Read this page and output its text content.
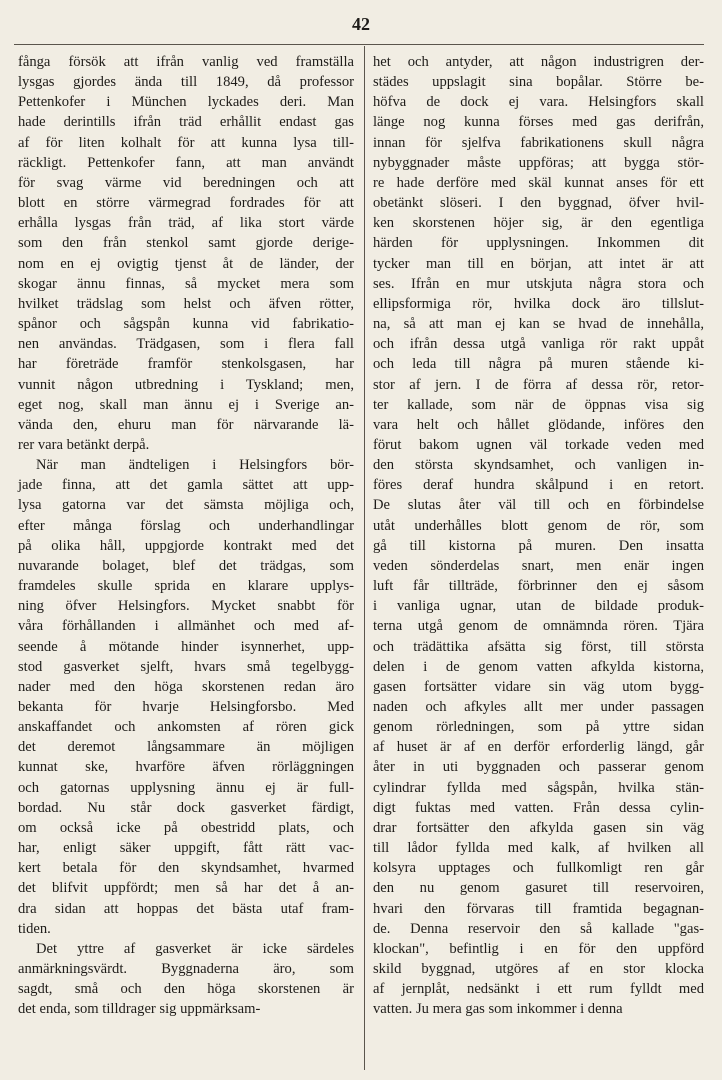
42
fånga försök att ifrån vanlig ved framställa
lysgas gjordes ända till 1849, då professor
Pettenkofer i München lyckades deri. Man
hade derintills ifrån träd erhållit endast gas
af för liten kolhalt för att kunna lysa till-
räckligt. Pettenkofer fann, att man användt
för svag värme vid beredningen och att
blott en större värmegrad fordrades för att
erhålla lysgas från träd, af lika stort värde
som den från stenkol samt gjorde derige-
nom en ej ovigtig tjenst åt de länder, der
skogar ännu finnas, så mycket mera som
hvilket trädslag som helst och äfven rötter,
spånor och sågspån kunna vid fabrikatio-
nen användas. Trädgasen, som i flera fall
har företräde framför stenkolsgasen, har
vunnit någon utbredning i Tyskland; men,
eget nog, skall man ännu ej i Sverige an-
vända den, ehuru man för närvarande lä-
rer vara betänkt derpå.
När man ändteligen i Helsingfors bör-
jade finna, att det gamla sättet att upp-
lysa gatorna var det sämsta möjliga och,
efter många förslag och underhandlingar
på olika håll, uppgjorde kontrakt med det
nuvarande bolaget, blef det trädgas, som
framdeles skulle sprida en klarare upplys-
ning öfver Helsingfors. Mycket snabbt för
våra förhållanden i allmänhet och med af-
seende å mötande hinder isynnerhet, upp-
stod gasverket sjelft, hvars små tegelbygg-
nader med den höga skorstenen redan äro
bekanta för hvarje Helsingforsbo. Med
anskaffandet och ankomsten af rören gick
det deremot långsammare än möjligen
kunnat ske, hvarföre äfven rörläggningen
och gatornas upplysning ännu ej är full-
bordad. Nu står dock gasverket färdigt,
om också icke på obestridd plats, och
har, enligt säker uppgift, fått rätt vac-
kert betala för den skyndsamhet, hvarmed
det blifvit uppfördt; men så har det å an-
dra sidan att hoppas det bästa utaf fram-
tiden.
Det yttre af gasverket är icke särdeles
anmärkningsvärdt. Byggnaderna äro, som
sagdt, små och den höga skorstenen är
det enda, som tilldrager sig uppmärksam-
het och antyder, att någon industrigren der-
städes uppslagit sina bopålar. Större be-
höfva de dock ej vara. Helsingfors skall
länge nog kunna förses med gas derifrån,
innan för sjelfva fabrikationens skull några
nybyggnader måste uppföras; att bygga stör-
re hade derföre med skäl kunnat anses för ett
obetänkt slöseri. I den byggnad, öfver hvil-
ken skorstenen höjer sig, är den egentliga
härden för upplysningen. Inkommen dit
tycker man till en början, att intet är att
ses. Ifrån en mur utskjuta några stora och
ellipsformiga rör, hvilka dock äro tillslut-
na, så att man ej kan se hvad de innehålla,
och ifrån dessa utgå vanliga rör rakt uppåt
och leda till några på muren stående ki-
stor af jern. I de förra af dessa rör, retor-
ter kallade, som när de öppnas visa sig
vara helt och hållet glödande, införes den
förut bakom ugnen väl torkade veden med
den största skyndsamhet, och vanligen in-
föres deraf hundra skålpund i en retort.
De slutas åter väl till och en förbindelse
utåt underhålles blott genom de rör, som
gå till kistorna på muren. Den insatta
veden sönderdelas snart, men enär ingen
luft får tillträde, förbrinner den ej såsom
i vanliga ugnar, utan de bildade produk-
terna utgå genom de omnämnda rören. Tjära
och trädättika afsätta sig först, till största
delen i de genom vatten afkylda kistorna,
gasen fortsätter vidare sin väg utom bygg-
naden och afkyles allt mer under passagen
genom rörledningen, som på yttre sidan
af huset är af en derför erforderlig längd, går
åter in uti byggnaden och passerar genom
cylindrar fyllda med sågspån, hvilka stän-
digt fuktas med vatten. Från dessa cylin-
drar fortsätter den afkylda gasen sin väg
till lådor fyllda med kalk, af hvilken all
kolsyra upptages och fullkomligt ren går
den nu genom gasuret till reservoiren,
hvari den förvaras till framtida begagnan-
de. Denna reservoir den så kallade "gas-
klockan", befintlig i en för den uppförd
skild byggnad, utgöres af en stor klocka
af jernplåt, nedsänkt i ett rum fylldt med
vatten. Ju mera gas som inkommer i denna
